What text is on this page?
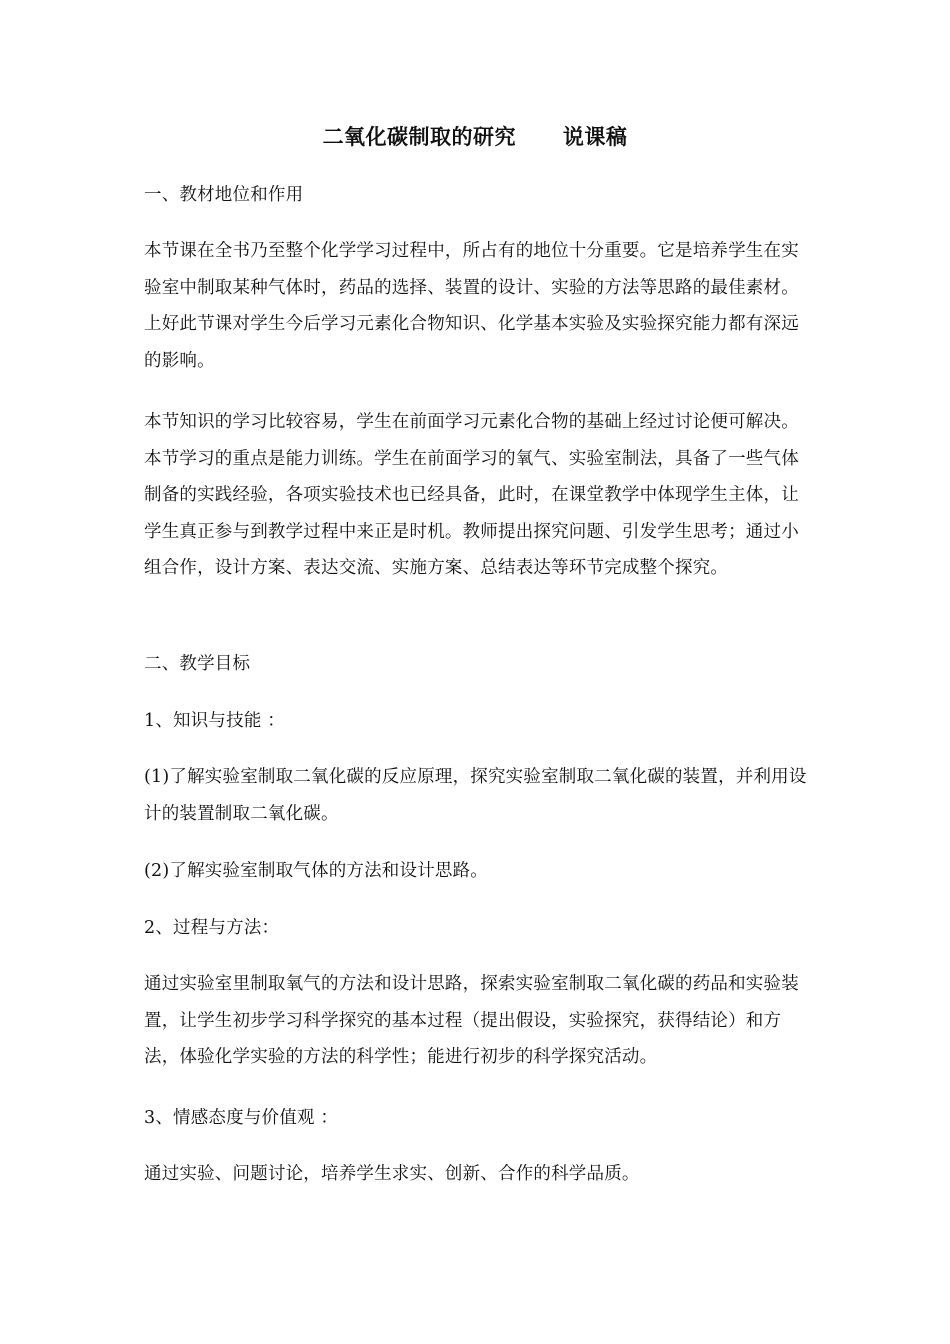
二氧化碳制取的研究      说课稿

一、教材地位和作用

本节课在全书乃至整个化学学习过程中，所占有的地位十分重要。它是培养学生在实验室中制取某种气体时，药品的选择、装置的设计、实验的方法等思路的最佳素材。上好此节课对学生今后学习元素化合物知识、化学基本实验及实验探究能力都有深远的影响。

本节知识的学习比较容易，学生在前面学习元素化合物的基础上经过讨论便可解决。本节学习的重点是能力训练。学生在前面学习的氧气、实验室制法，具备了一些气体制备的实践经验，各项实验技术也已经具备，此时，在课堂教学中体现学生主体，让学生真正参与到教学过程中来正是时机。教师提出探究问题、引发学生思考；通过小组合作，设计方案、表达交流、实施方案、总结表达等环节完成整个探究。

二、教学目标

1、知识与技能 ：

(1)了解实验室制取二氧化碳的反应原理，探究实验室制取二氧化碳的装置，并利用设计的装置制取二氧化碳。

(2)了解实验室制取气体的方法和设计思路。

2、过程与方法：

通过实验室里制取氧气的方法和设计思路，探索实验室制取二氧化碳的药品和实验装置，让学生初步学习科学探究的基本过程（提出假设，实验探究，获得结论）和方法，体验化学实验的方法的科学性；能进行初步的科学探究活动。

3、情感态度与价值观 ：

通过实验、问题讨论，培养学生求实、创新、合作的科学品质。
